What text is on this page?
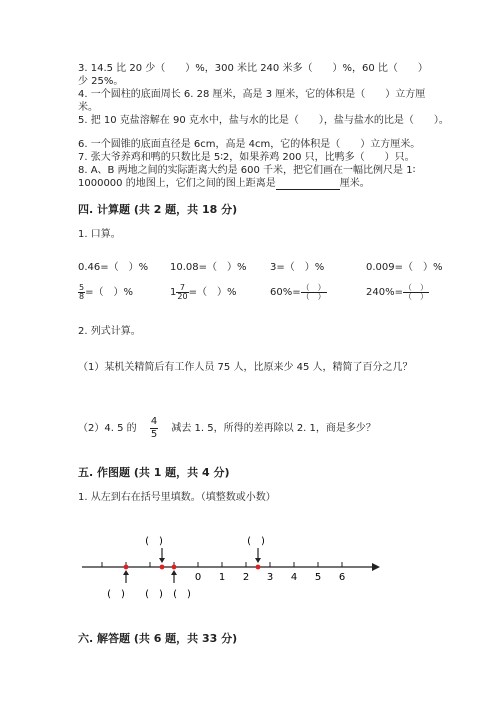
3. 14.5 比 20 少（　　）%，300 米比 240 米多（　　）%，60 比（　　）
少 25%。
4. 一个圆柱的底面周长 6. 28 厘米，高是 3 厘米，它的体积是（　　）立方厘
米。
5. 把 10 克盐溶解在 90 克水中，盐与水的比是（　　），盐与盐水的比是（　　）。
6. 一个圆锥的底面直径是 6cm，高是 4cm，它的体积是（　　）立方厘米。
7. 张大爷养鸡和鸭的只数比是 5∶2，如果养鸡 200 只，比鸭多（　　）只。
8. A、B 两地之间的实际距离大约是 600 千米，把它们画在一幅比例尺是 1∶
1000000 的地图上，它们之间的图上距离是	厘米。
四. 计算题 (共 2 题，共 18 分)
1. 口算。
0.46=（　）% 10.08=（　）% 3=（　）%	0.009=（　）%
$\frac{5}{8}$ =（　）%	$1 \frac{7}{20}$ =（　）%	$60\%= \frac{( )}{( )}$	$240\%= \frac{( )}{( )}$
2. 列式计算。
（1）某机关精简后有工作人员 75 人，比原来少 45 人，精简了百分之几？
（2）4. 5 的 $\frac{4}{5}$ 减去 1. 5，所得的差再除以 2. 1，商是多少？
五. 作图题 (共 1 题，共 4 分)
1. 从左到右在括号里填数。（填整数或小数）
0 1 2 3 4 5 6
(　)	(　)
(　) (　) (　)
六. 解答题 (共 6 题，共 33 分)
